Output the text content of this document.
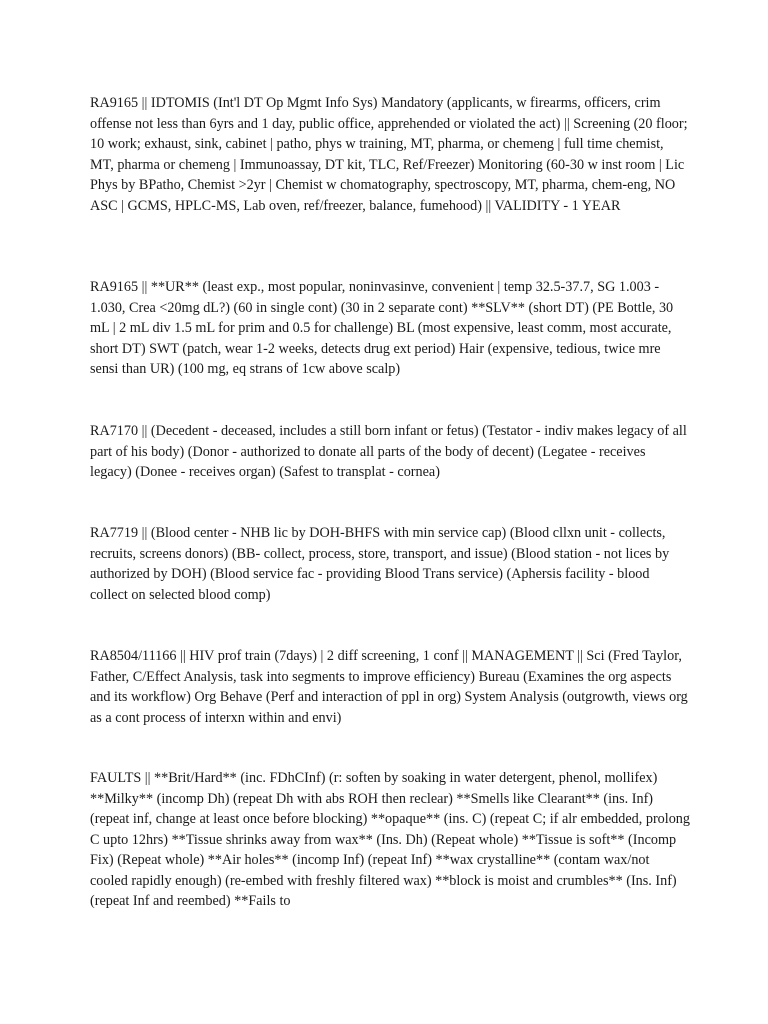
RA9165 || IDTOMIS (Int'l DT Op Mgmt Info Sys) Mandatory (applicants, w firearms, officers, crim offense not less than 6yrs and 1 day, public office, apprehended or violated the act) || Screening (20 floor; 10 work; exhaust, sink, cabinet | patho, phys w training, MT, pharma, or chemeng | full time chemist, MT, pharma or chemeng | Immunoassay, DT kit, TLC, Ref/Freezer) Monitoring (60-30 w inst room | Lic Phys by BPatho, Chemist >2yr | Chemist w chomatography, spectroscopy, MT, pharma, chem-eng, NO ASC | GCMS, HPLC-MS, Lab oven, ref/freezer, balance, fumehood) || VALIDITY - 1 YEAR

RA9165 || **UR** (least exp., most popular, noninvasinve, convenient | temp 32.5-37.7, SG 1.003 - 1.030, Crea <20mg dL?) (60 in single cont) (30 in 2 separate cont) **SLV** (short DT) (PE Bottle, 30 mL | 2 mL div 1.5 mL for prim and 0.5 for challenge) BL (most expensive, least comm, most accurate, short DT) SWT (patch, wear 1-2 weeks, detects drug ext period) Hair (expensive, tedious, twice mre sensi than UR) (100 mg, eq strans of 1cw above scalp)

RA7170 || (Decedent - deceased, includes a still born infant or fetus) (Testator - indiv makes legacy of all part of his body) (Donor - authorized to donate all parts of the body of decent) (Legatee - receives legacy) (Donee - receives organ) (Safest to transplat - cornea)

RA7719 || (Blood center - NHB lic by DOH-BHFS with min service cap) (Blood cllxn unit - collects, recruits, screens donors) (BB- collect, process, store, transport, and issue) (Blood station - not lices by authorized by DOH) (Blood service fac - providing Blood Trans service) (Aphersis facility - blood collect on selected blood comp)

RA8504/11166 || HIV prof train (7days) | 2 diff screening, 1 conf || MANAGEMENT || Sci (Fred Taylor, Father, C/Effect Analysis, task into segments to improve efficiency) Bureau (Examines the org aspects and its workflow) Org Behave (Perf and interaction of ppl in org) System Analysis (outgrowth, views org as a cont process of interxn within and envi)

FAULTS || **Brit/Hard** (inc. FDhCInf) (r: soften by soaking in water detergent, phenol, mollifex) **Milky** (incomp Dh) (repeat Dh with abs ROH then reclear) **Smells like Clearant** (ins. Inf) (repeat inf, change at least once before blocking) **opaque** (ins. C) (repeat C; if alr embedded, prolong C upto 12hrs) **Tissue shrinks away from wax** (Ins. Dh) (Repeat whole) **Tissue is soft** (Incomp Fix) (Repeat whole) **Air holes** (incomp Inf) (repeat Inf) **wax crystalline** (contam wax/not cooled rapidly enough) (re-embed with freshly filtered wax) **block is moist and crumbles** (Ins. Inf) (repeat Inf and reembed) **Fails to
